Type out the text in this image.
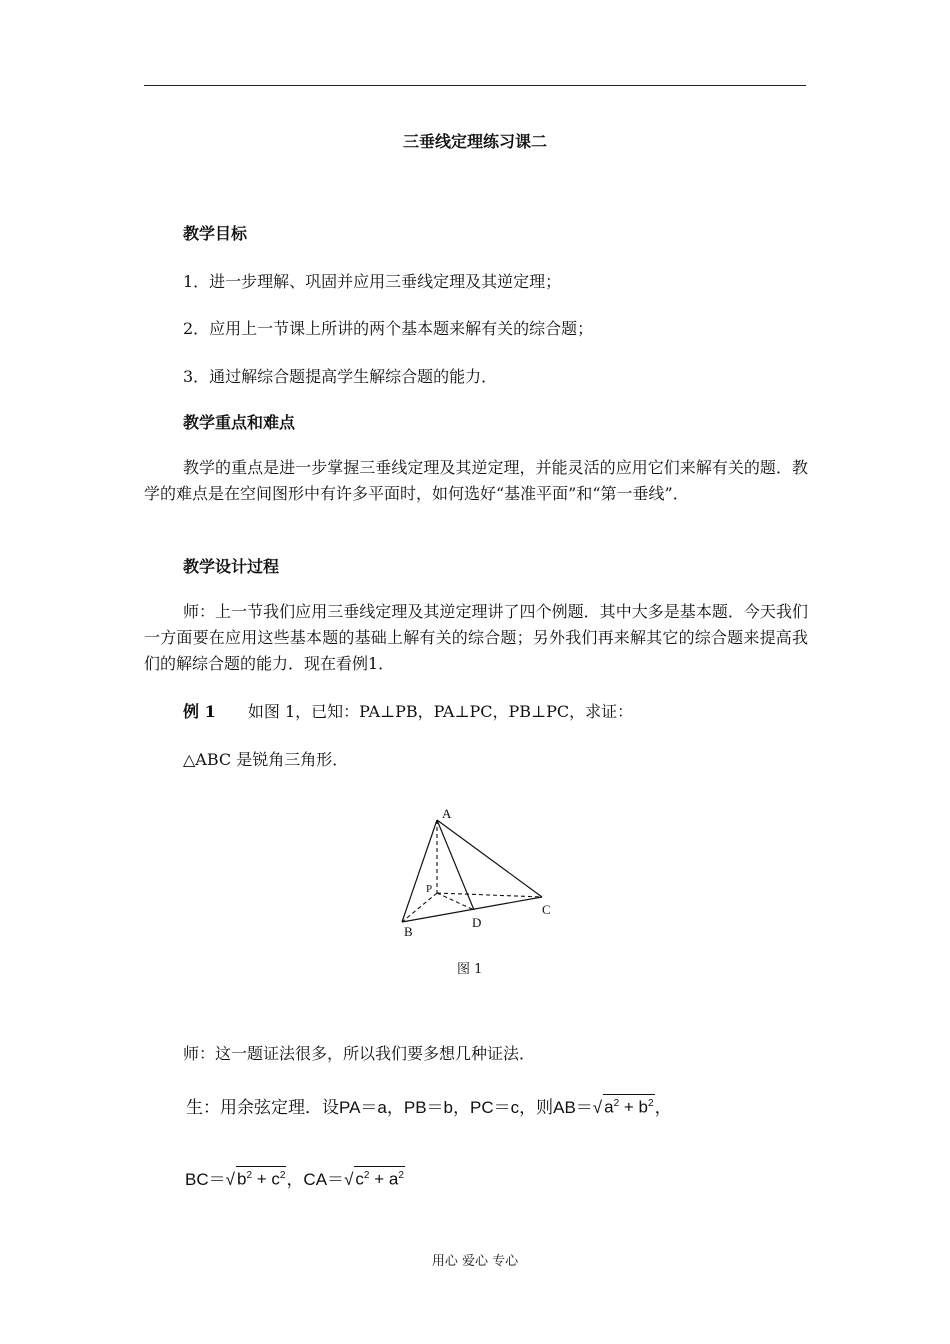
三垂线定理练习课二
教学目标
1．进一步理解、巩固并应用三垂线定理及其逆定理；
2．应用上一节课上所讲的两个基本题来解有关的综合题；
3．通过解综合题提高学生解综合题的能力．
教学重点和难点
教学的重点是进一步掌握三垂线定理及其逆定理，并能灵活的应用它们来解有关的题．教学的难点是在空间图形中有许多平面时，如何选好“基准平面”和“第一垂线”．
教学设计过程
师：上一节我们应用三垂线定理及其逆定理讲了四个例题．其中大多是基本题．今天我们一方面要在应用这些基本题的基础上解有关的综合题；另外我们再来解其它的综合题来提高我们的解综合题的能力．现在看例1．
例 1 如图 1，已知：PA⊥PB，PA⊥PC，PB⊥PC，求证：
△ABC 是锐角三角形．
A
P
B
C
D
图 1
师：这一题证法很多，所以我们要多想几种证法．
生：用余弦定理．设PA＝a，PB＝b，PC＝c，则AB＝√ $a^2 + b^2$，
BC＝√ $b^2 + c^2$，CA＝√ $c^2 + a^2$
用心 爱心 专心
